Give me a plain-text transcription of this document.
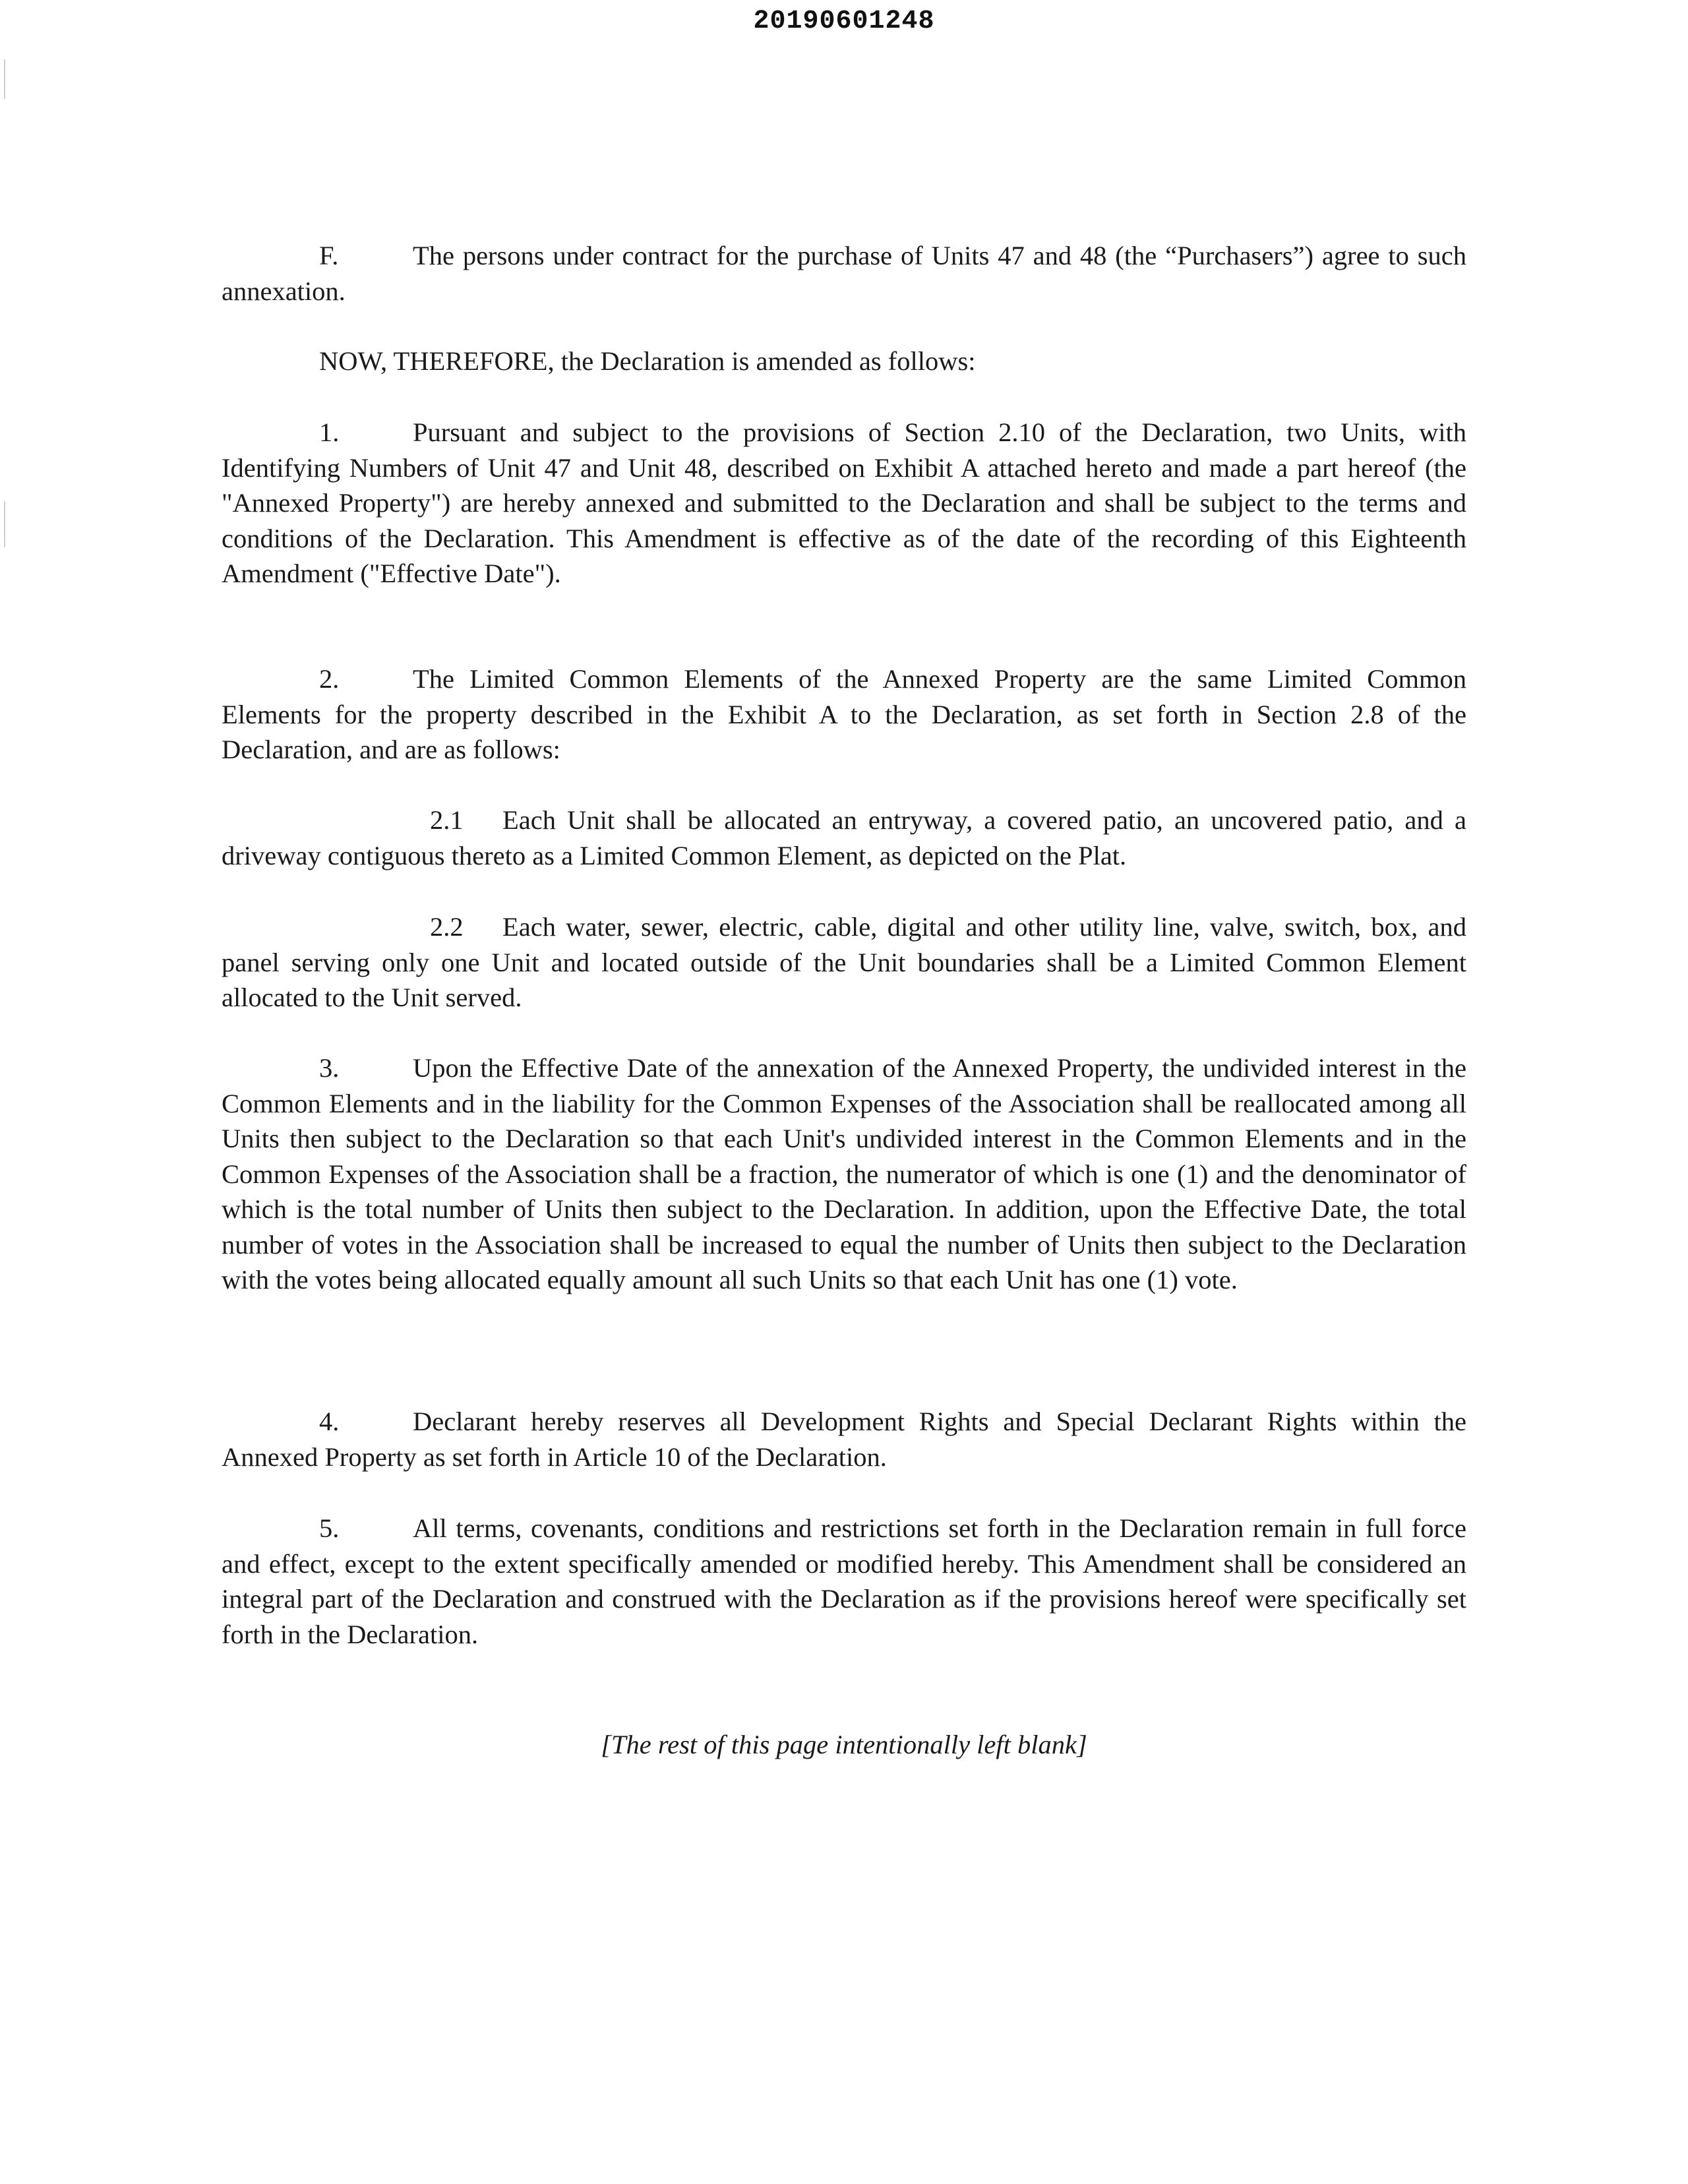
20190601248

F.	The persons under contract for the purchase of Units 47 and 48 (the “Purchasers”) agree to such annexation.

NOW, THEREFORE, the Declaration is amended as follows:

1.	Pursuant and subject to the provisions of Section 2.10 of the Declaration, two Units, with Identifying Numbers of Unit 47 and Unit 48, described on Exhibit A attached hereto and made a part hereof (the "Annexed Property") are hereby annexed and submitted to the Declaration and shall be subject to the terms and conditions of the Declaration. This Amendment is effective as of the date of the recording of this Eighteenth Amendment ("Effective Date").

2.	The Limited Common Elements of the Annexed Property are the same Limited Common Elements for the property described in the Exhibit A to the Declaration, as set forth in Section 2.8 of the Declaration, and are as follows:

2.1 Each Unit shall be allocated an entryway, a covered patio, an uncovered patio, and a driveway contiguous thereto as a Limited Common Element, as depicted on the Plat.

2.2 Each water, sewer, electric, cable, digital and other utility line, valve, switch, box, and panel serving only one Unit and located outside of the Unit boundaries shall be a Limited Common Element allocated to the Unit served.

3.	Upon the Effective Date of the annexation of the Annexed Property, the undivided interest in the Common Elements and in the liability for the Common Expenses of the Association shall be reallocated among all Units then subject to the Declaration so that each Unit's undivided interest in the Common Elements and in the Common Expenses of the Association shall be a fraction, the numerator of which is one (1) and the denominator of which is the total number of Units then subject to the Declaration. In addition, upon the Effective Date, the total number of votes in the Association shall be increased to equal the number of Units then subject to the Declaration with the votes being allocated equally amount all such Units so that each Unit has one (1) vote.

4.	Declarant hereby reserves all Development Rights and Special Declarant Rights within the Annexed Property as set forth in Article 10 of the Declaration.

5.	All terms, covenants, conditions and restrictions set forth in the Declaration remain in full force and effect, except to the extent specifically amended or modified hereby. This Amendment shall be considered an integral part of the Declaration and construed with the Declaration as if the provisions hereof were specifically set forth in the Declaration.

[The rest of this page intentionally left blank]
